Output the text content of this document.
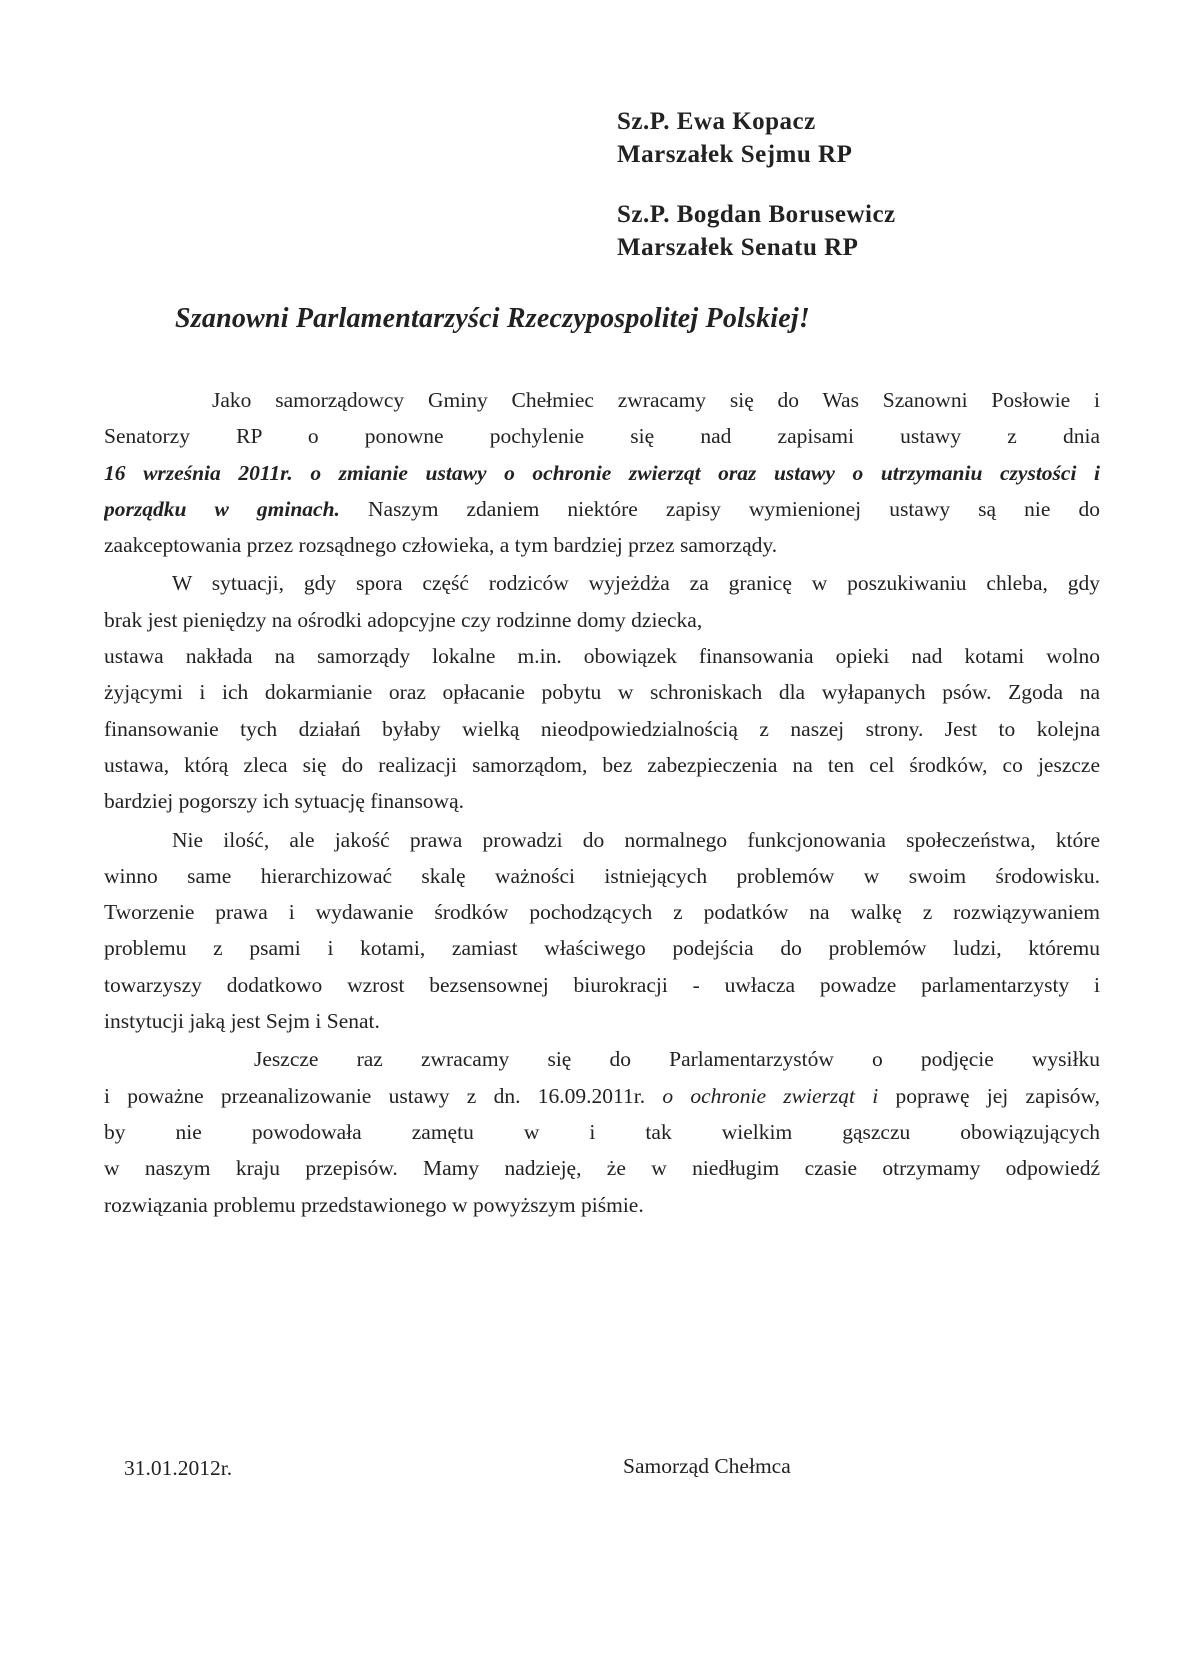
Sz.P. Ewa Kopacz
Marszałek Sejmu RP
Sz.P. Bogdan Borusewicz
Marszałek Senatu RP
Szanowni Parlamentarzyści Rzeczypospolitej Polskiej!
Jako samorządowcy Gminy Chełmiec zwracamy się do Was Szanowni Posłowie i
Senatorzy RP o ponowne pochylenie się nad zapisami ustawy z dnia
16 września 2011r. o zmianie ustawy o ochronie zwierząt oraz ustawy o utrzymaniu czystości i
porządku w gminach. Naszym zdaniem niektóre zapisy wymienionej ustawy są nie do
zaakceptowania przez rozsądnego człowieka, a tym bardziej przez samorządy.
W sytuacji, gdy spora część rodziców wyjeżdża za granicę w poszukiwaniu chleba, gdy
brak jest pieniędzy na ośrodki adopcyjne czy rodzinne domy dziecka,
ustawa nakłada na samorządy lokalne m.in. obowiązek finansowania opieki nad kotami wolno
żyjącymi i ich dokarmianie oraz opłacanie pobytu w schroniskach dla wyłapanych psów. Zgoda na
finansowanie tych działań byłaby wielką nieodpowiedzialnością z naszej strony. Jest to kolejna
ustawa, którą zleca się do realizacji samorządom, bez zabezpieczenia na ten cel środków, co jeszcze
bardziej pogorszy ich sytuację finansową.
Nie ilość, ale jakość prawa prowadzi do normalnego funkcjonowania społeczeństwa, które
winno same hierarchizować skalę ważności istniejących problemów w swoim środowisku.
Tworzenie prawa i wydawanie środków pochodzących z podatków na walkę z rozwiązywaniem
problemu z psami i kotami, zamiast właściwego podejścia do problemów ludzi, któremu
towarzyszy dodatkowo wzrost bezsensownej biurokracji - uwłacza powadze parlamentarzysty i
instytucji jaką jest Sejm i Senat.
Jeszcze raz zwracamy się do Parlamentarzystów o podjęcie wysiłku
i poważne przeanalizowanie ustawy z dn. 16.09.2011r. o ochronie zwierząt i poprawę jej zapisów,
by nie powodowała zamętu w i tak wielkim gąszczu obowiązujących
w naszym kraju przepisów. Mamy nadzieję, że w niedługim czasie otrzymamy odpowiedź
rozwiązania problemu przedstawionego w powyższym piśmie.
31.01.2012r.	Samorząd Chełmca
